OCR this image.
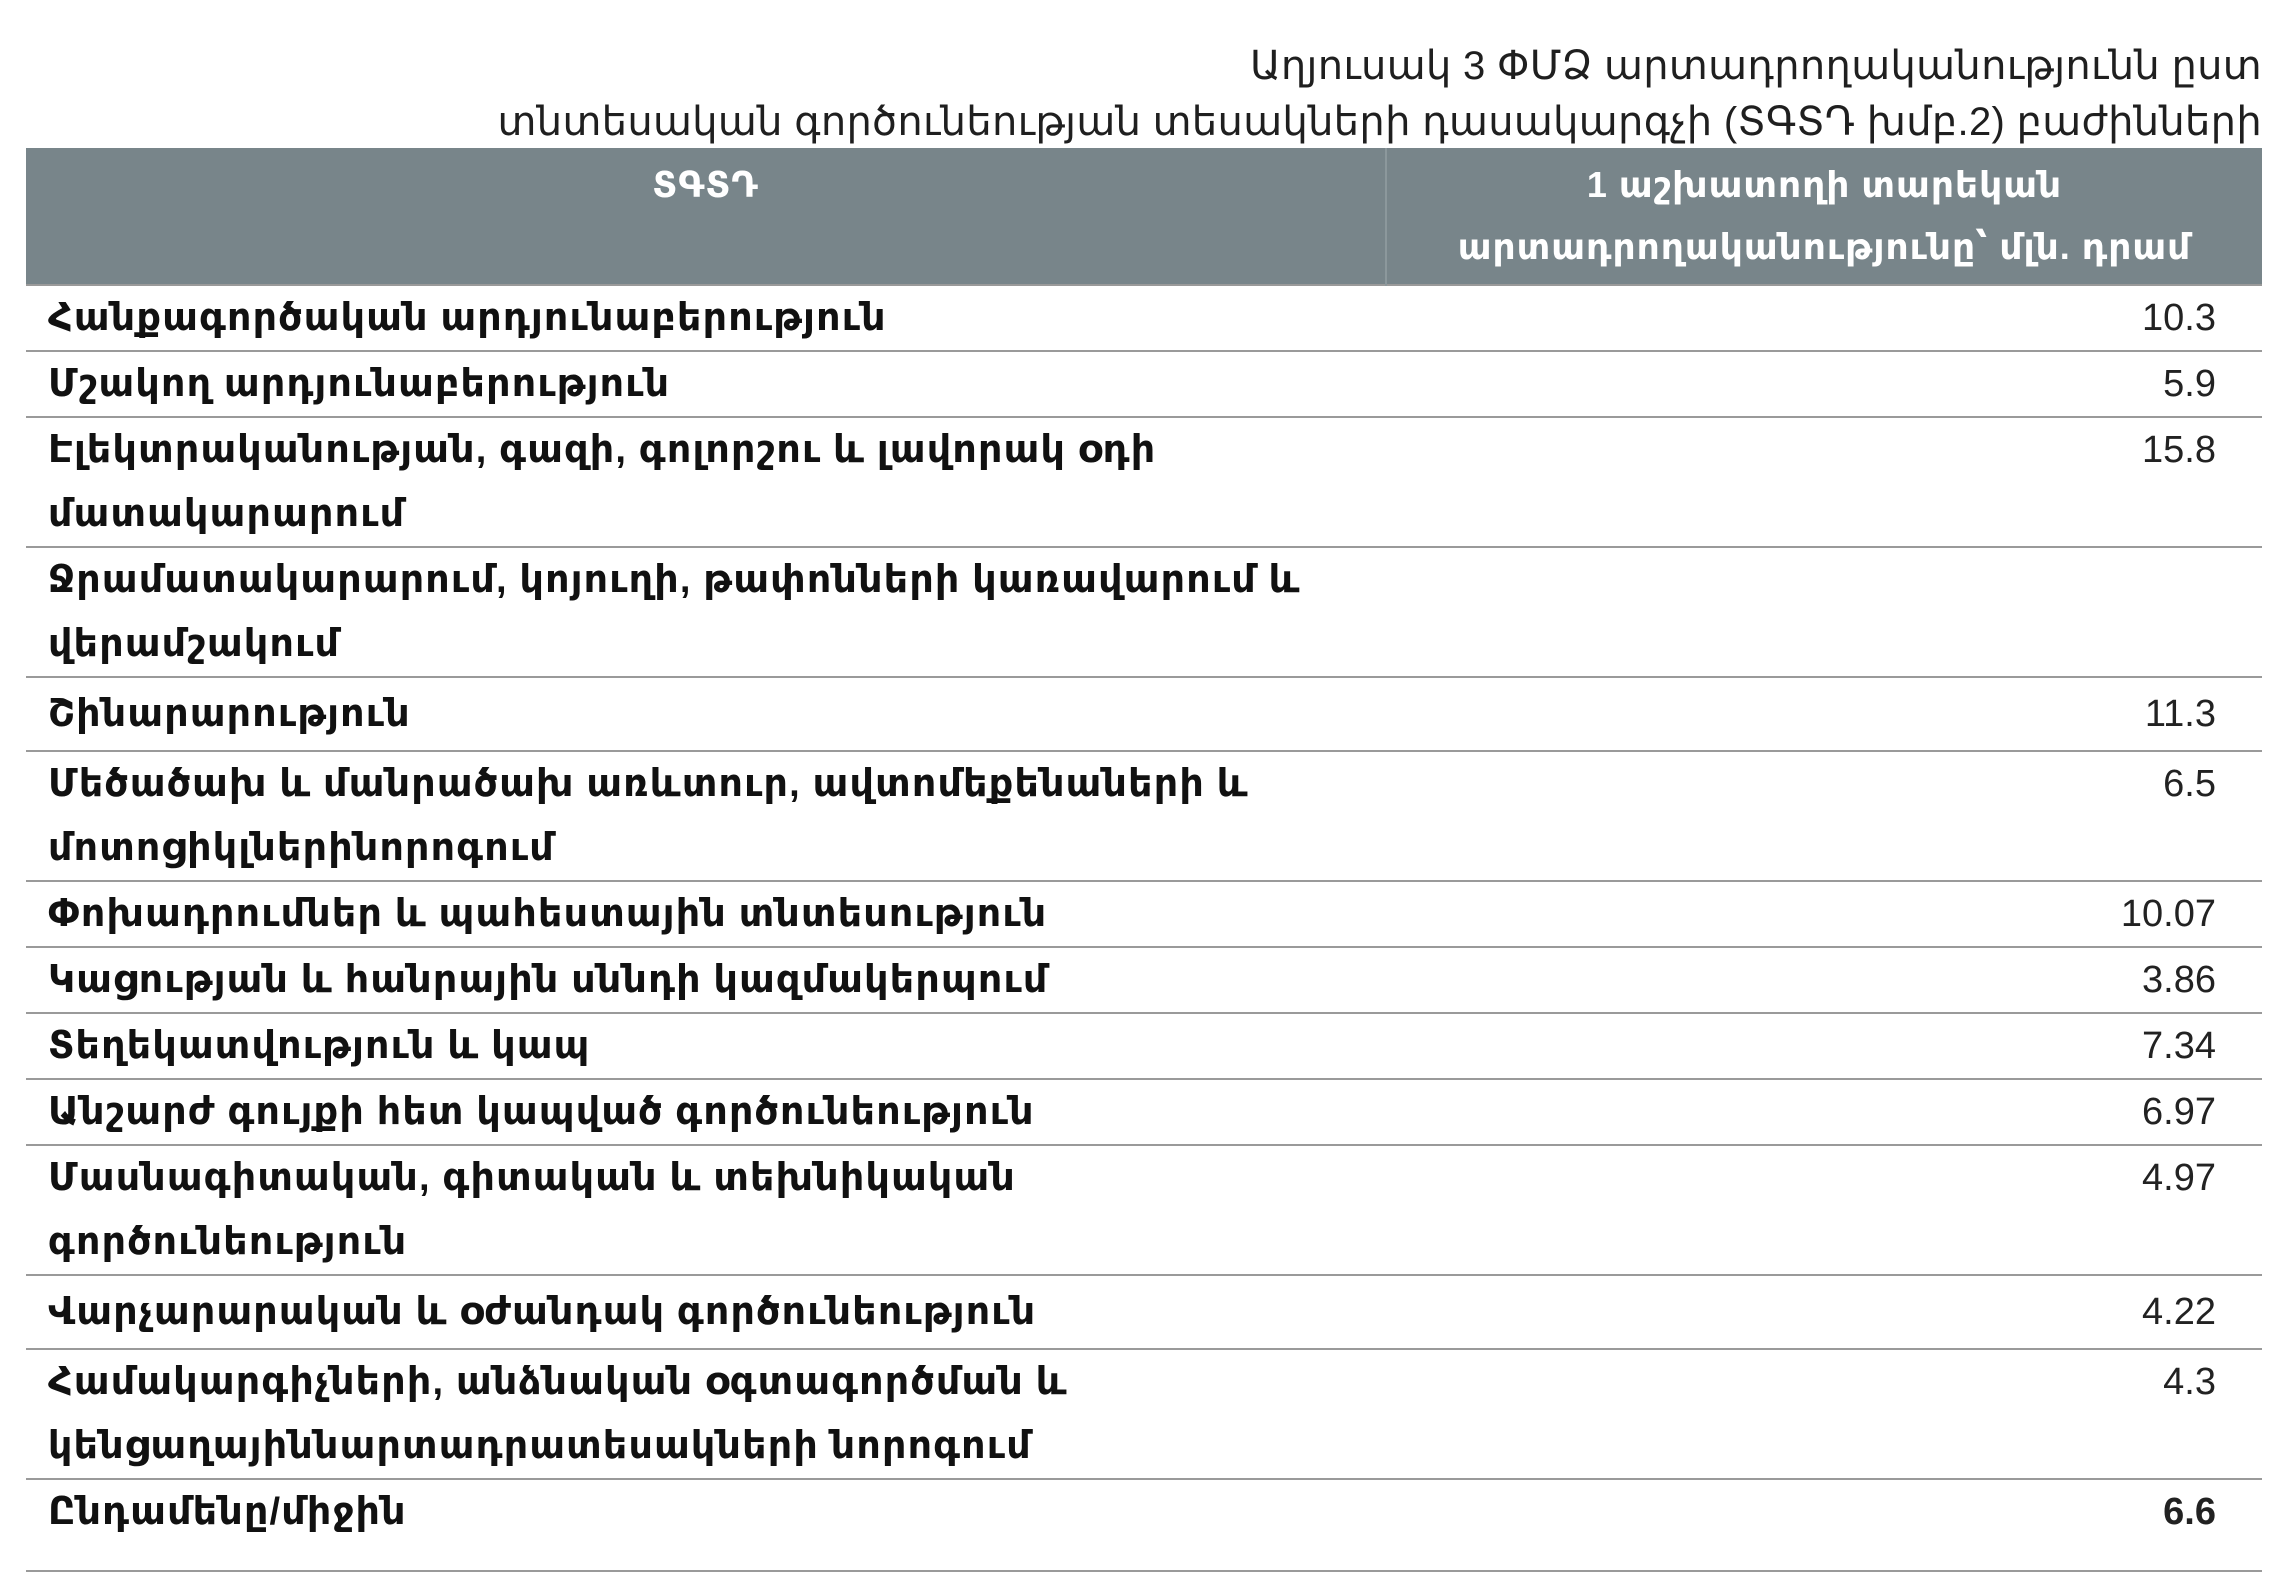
Աղյուսակ 3 ՓՄՁ արտադրողականությունն ըստ
տնտեսական գործունեության տեսակների դասակարգչի (ՏԳՏԴ խմբ.2) բաժինների
ՏԳՏԴ	1 աշխատողի տարեկան
արտադրողականությունը՝ մլն. դրամ
Հանքագործական արդյունաբերություն	10.3
Մշակող արդյունաբերություն	5.9
Էլեկտրականության, գազի, գոլորշու և լավորակ օդի մատակարարում	15.8
Ջրամատակարարում, կոյուղի, թափոնների կառավարում և վերամշակում	
Շինարարություն	11.3
Մեծածախ և մանրածախ առևտուր, ավտոմեքենաների և մոտոցիկլներինորոգում	6.5
Փոխադրումներ և պահեստային տնտեսություն	10.07
Կացության և հանրային սննդի կազմակերպում	3.86
Տեղեկատվություն և կապ	7.34
Անշարժ գույքի հետ կապված գործունեություն	6.97
Մասնագիտական, գիտական և տեխնիկական գործունեություն	4.97
Վարչարարական և օժանդակ գործունեություն	4.22
Համակարգիչների, անձնական օգտագործման և կենցաղայիննարտադրատեսակների նորոգում	4.3
Ընդամենը/միջին	6.6
